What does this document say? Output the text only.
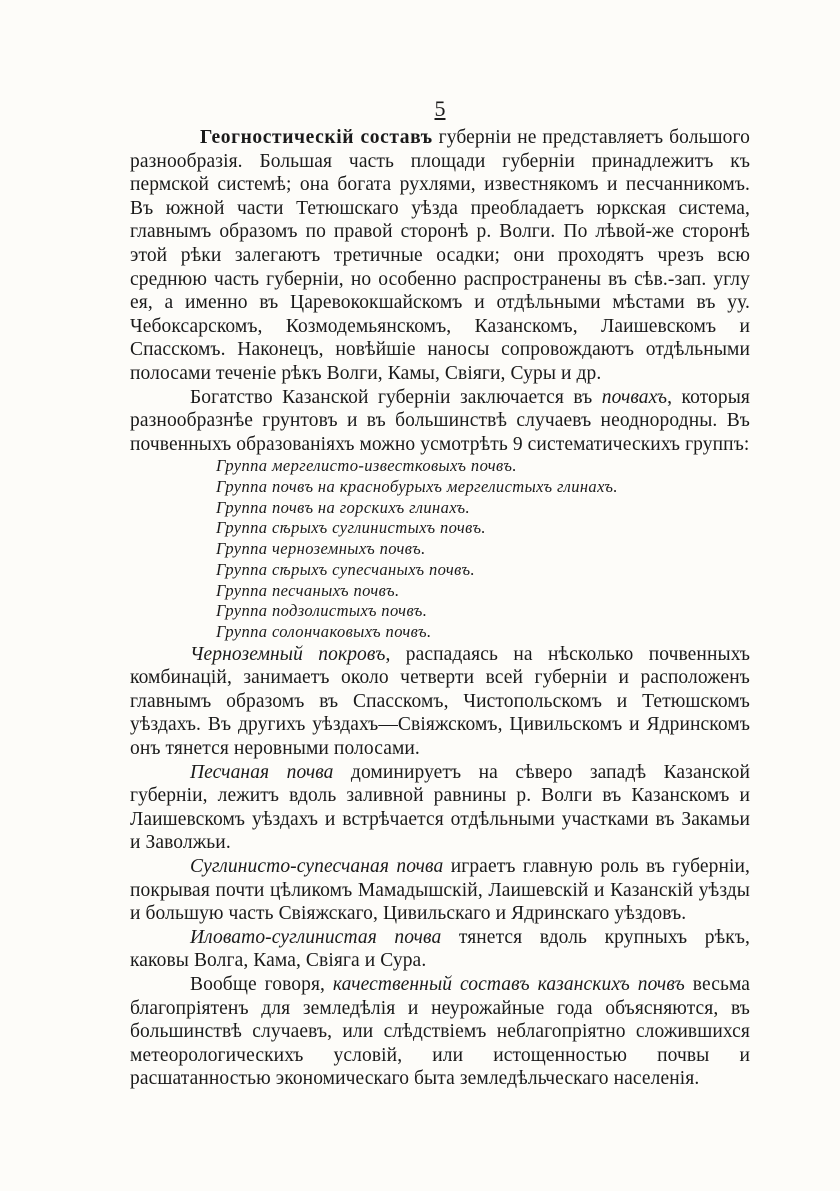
5

Геогностическій составъ губерніи не представляетъ большого разнообразія. Большая часть площади губерніи принадлежитъ къ пермской системѣ; она богата рухлями, известнякомъ и песчанникомъ. Въ южной части Тетюшскаго уѣзда преобладаетъ юркская система, главнымъ образомъ по правой сторонѣ р. Волги. По лѣвой-же сторонѣ этой рѣки залегаютъ третичные осадки; они проходятъ чрезъ всю среднюю часть губерніи, но особенно распространены въ сѣв.-зап. углу ея, а именно въ Царевококшайскомъ и отдѣльными мѣстами въ уу. Чебоксарскомъ, Козмодемьянскомъ, Казанскомъ, Лаишевскомъ и Спасскомъ. Наконецъ, новѣйшіе наносы сопровождаютъ отдѣльными полосами теченіе рѣкъ Волги, Камы, Свіяги, Суры и др.

Богатство Казанской губерніи заключается въ почвахъ, которыя разнообразнѣе грунтовъ и въ большинствѣ случаевъ неоднородны. Въ почвенныхъ образованіяхъ можно усмотрѣть 9 систематическихъ группъ:

Группа мергелисто-известковыхъ почвъ.
Группа почвъ на краснобурыхъ мергелистыхъ глинахъ.
Группа почвъ на горскихъ глинахъ.
Группа сѣрыхъ суглинистыхъ почвъ.
Группа черноземныхъ почвъ.
Группа сѣрыхъ супесчаныхъ почвъ.
Группа песчаныхъ почвъ.
Группа подзолистыхъ почвъ.
Группа солончаковыхъ почвъ.

Черноземный покровъ, распадаясь на нѣсколько почвенныхъ комбинацій, занимаетъ около четверти всей губерніи и расположенъ главнымъ образомъ въ Спасскомъ, Чистопольскомъ и Тетюшскомъ уѣздахъ. Въ другихъ уѣздахъ—Свіяжскомъ, Цивильскомъ и Ядринскомъ онъ тянется неровными полосами.

Песчаная почва доминируетъ на сѣверо западѣ Казанской губерніи, лежитъ вдоль заливной равнины р. Волги въ Казанскомъ и Лаишевскомъ уѣздахъ и встрѣчается отдѣльными участками въ Закамьи и Заволжьи.

Суглинисто-супесчаная почва играетъ главную роль въ губерніи, покрывая почти цѣликомъ Мамадышскій, Лаишевскій и Казанскій уѣзды и большую часть Свіяжскаго, Цивильскаго и Ядринскаго уѣздовъ.

Иловато-суглинистая почва тянется вдоль крупныхъ рѣкъ, каковы Волга, Кама, Свіяга и Сура.

Вообще говоря, качественный составъ казанскихъ почвъ весьма благопріятенъ для земледѣлія и неурожайные года объясняются, въ большинствѣ случаевъ, или слѣдствіемъ неблагопріятно сложившихся метеорологическихъ условій, или истощенностью почвы и расшатанностью экономическаго быта земледѣльческаго населенія.
